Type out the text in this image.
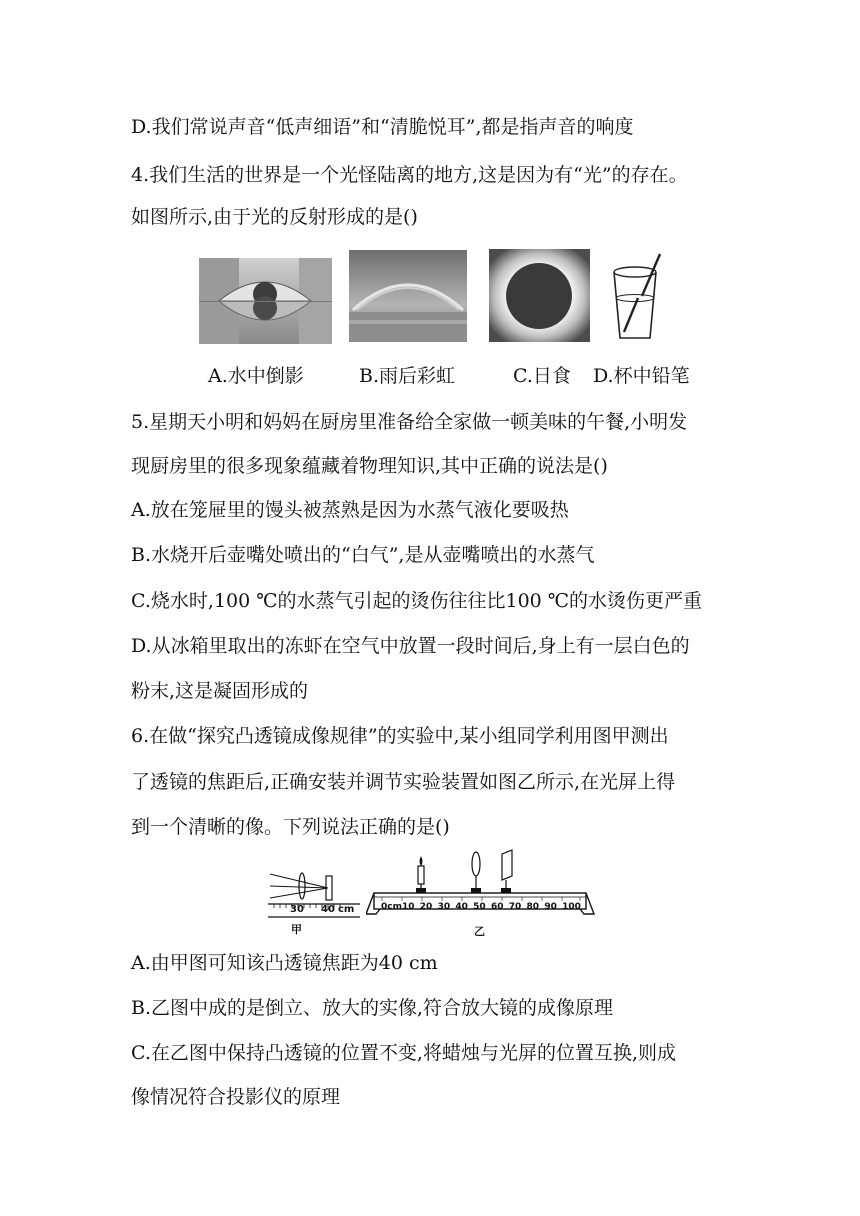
D.我们常说声音“低声细语”和“清脆悦耳”,都是指声音的响度
4.我们生活的世界是一个光怪陆离的地方,这是因为有“光”的存在。
如图所示,由于光的反射形成的是()
A.水中倒影	B.雨后彩虹	C.日食 D.杯中铅笔
5.星期天小明和妈妈在厨房里准备给全家做一顿美味的午餐,小明发
现厨房里的很多现象蕴藏着物理知识,其中正确的说法是()
A.放在笼屉里的馒头被蒸熟是因为水蒸气液化要吸热
B.水烧开后壶嘴处喷出的“白气”,是从壶嘴喷出的水蒸气
C.烧水时,100 ℃的水蒸气引起的烫伤往往比100 ℃的水烫伤更严重
D.从冰箱里取出的冻虾在空气中放置一段时间后,身上有一层白色的
粉末,这是凝固形成的
6.在做“探究凸透镜成像规律”的实验中,某小组同学利用图甲测出
了透镜的焦距后,正确安装并调节实验装置如图乙所示,在光屏上得
到一个清晰的像。下列说法正确的是()
30 40 cm
甲
0cm10 20 30 40 50 60 70 80 90 100
乙
A.由甲图可知该凸透镜焦距为40 cm
B.乙图中成的是倒立、放大的实像,符合放大镜的成像原理
C.在乙图中保持凸透镜的位置不变,将蜡烛与光屏的位置互换,则成
像情况符合投影仪的原理
